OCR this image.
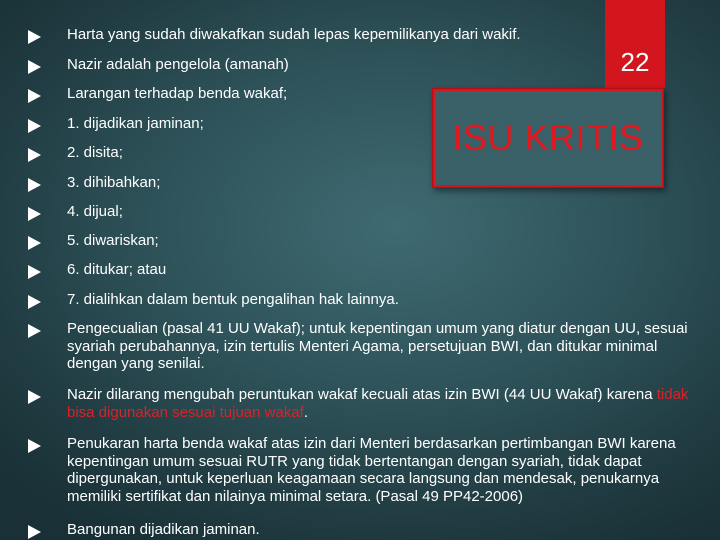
22
ISU KRITIS
Harta yang sudah diwakafkan sudah lepas kepemilikanya dari wakif.
Nazir adalah pengelola (amanah)
Larangan terhadap benda wakaf;
1. dijadikan jaminan;
2. disita;
3. dihibahkan;
4. dijual;
5. diwariskan;
6. ditukar; atau
7. dialihkan dalam bentuk pengalihan hak lainnya.
Pengecualian (pasal 41 UU Wakaf); untuk kepentingan umum yang diatur dengan UU, sesuai syariah perubahannya, izin tertulis Menteri Agama, persetujuan BWI, dan ditukar minimal dengan yang senilai.
Nazir dilarang mengubah peruntukan wakaf kecuali atas izin BWI (44 UU Wakaf) karena tidak bisa digunakan sesuai tujuan wakaf.
Penukaran harta benda wakaf atas izin dari Menteri berdasarkan pertimbangan BWI karena kepentingan umum sesuai RUTR yang tidak bertentangan dengan syariah, tidak dapat dipergunakan, untuk keperluan keagamaan secara langsung dan mendesak, penukarnya memiliki sertifikat dan nilainya minimal setara. (Pasal 49 PP42-2006)
Bangunan dijadikan jaminan.
